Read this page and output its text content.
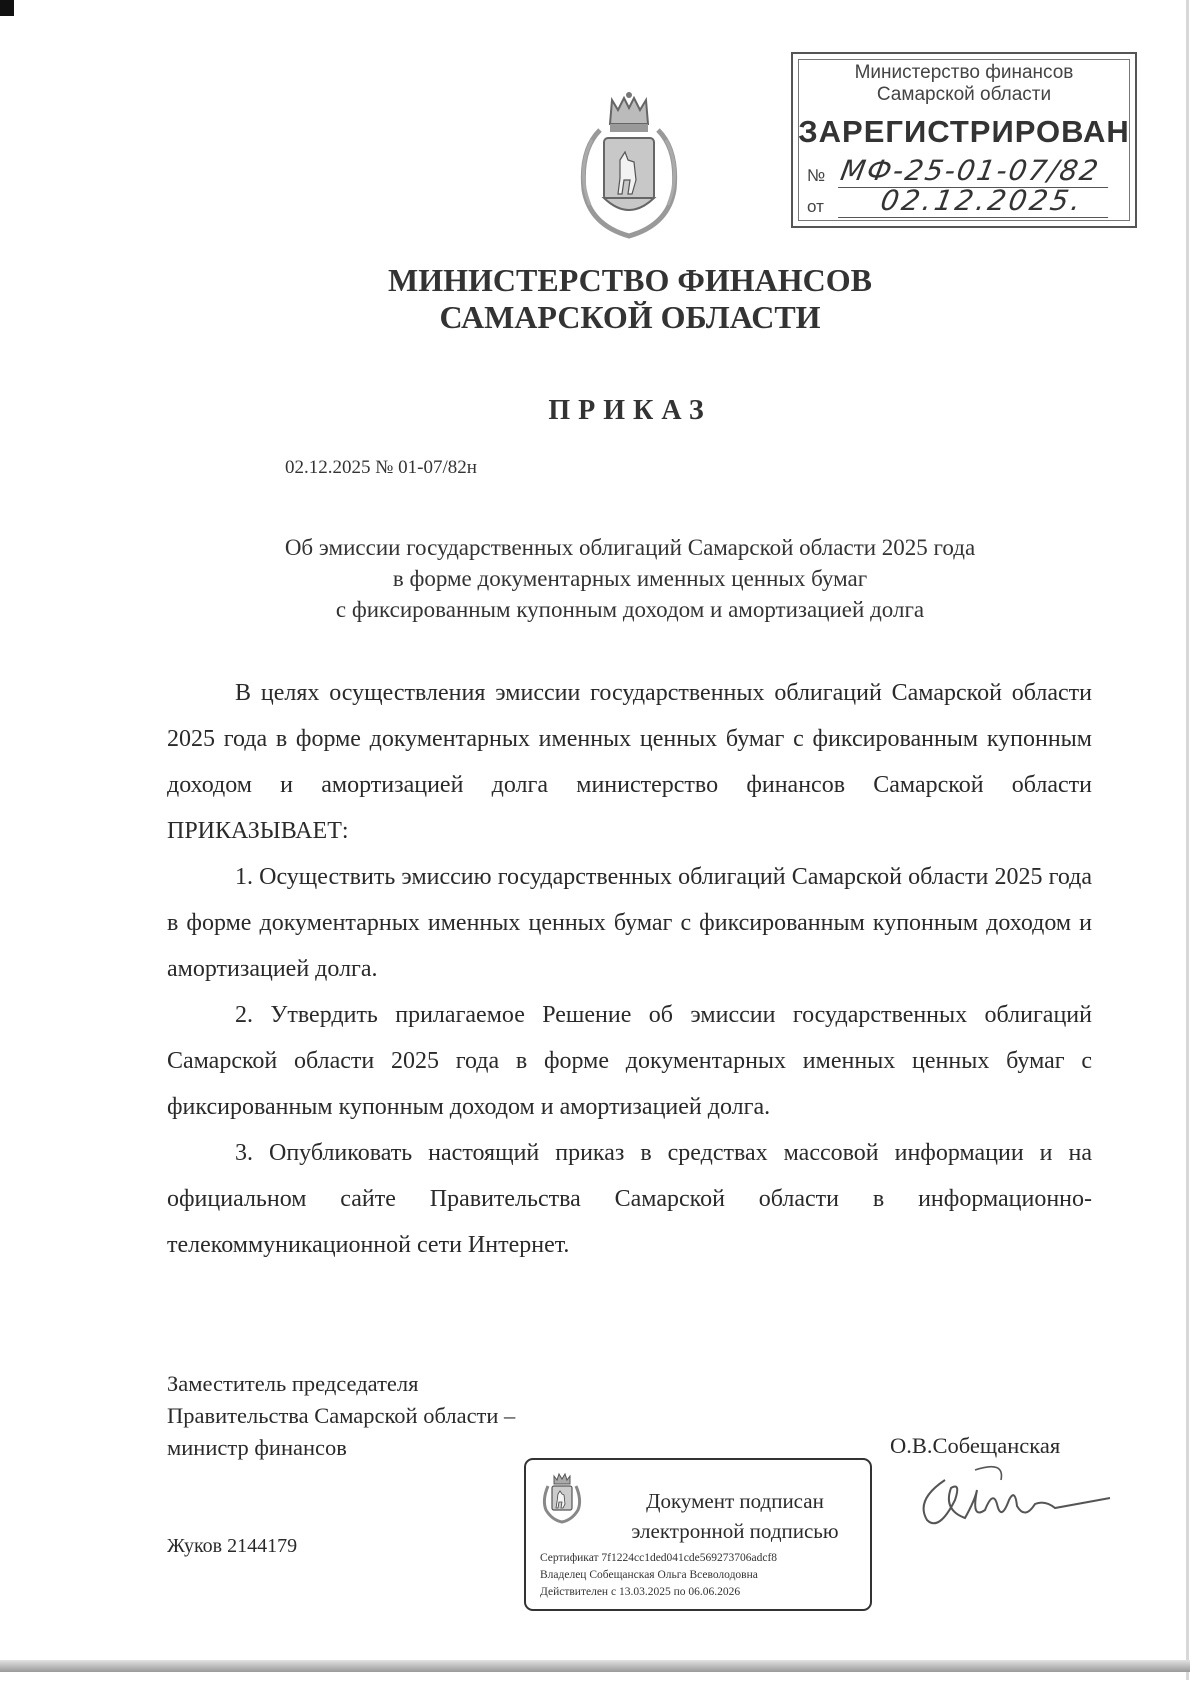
Министерство финансов
Самарской области
ЗАРЕГИСТРИРОВАН
№ МФ-25-01-07/82
от	02.12.2025.
МИНИСТЕРСТВО ФИНАНСОВ
САМАРСКОЙ ОБЛАСТИ
ПРИКАЗ
02.12.2025 № 01-07/82н
Об эмиссии государственных облигаций Самарской области 2025 года
в форме документарных именных ценных бумаг
с фиксированным купонным доходом и амортизацией долга

В целях осуществления эмиссии государственных облигаций Самарской области 2025 года в форме документарных именных ценных бумаг с фиксированным купонным доходом и амортизацией долга министерство финансов Самарской области ПРИКАЗЫВАЕТ:

1. Осуществить эмиссию государственных облигаций Самарской области 2025 года в форме документарных именных ценных бумаг с фиксированным купонным доходом и амортизацией долга.

2. Утвердить прилагаемое Решение об эмиссии государственных облигаций Самарской области 2025 года в форме документарных именных ценных бумаг с фиксированным купонным доходом и амортизацией долга.

3. Опубликовать настоящий приказ в средствах массовой информации и на официальном сайте Правительства Самарской области в информационно-телекоммуникационной сети Интернет.

Заместитель председателя
Правительства Самарской области –
министр финансов	О.В.Собещанская
Документ подписан
электронной подписью
Сертификат 7f1224cc1ded041cde569273706adcf8
Владелец Собещанская Ольга Всеволодовна
Действителен с 13.03.2025 по 06.06.2026
Жуков 2144179
